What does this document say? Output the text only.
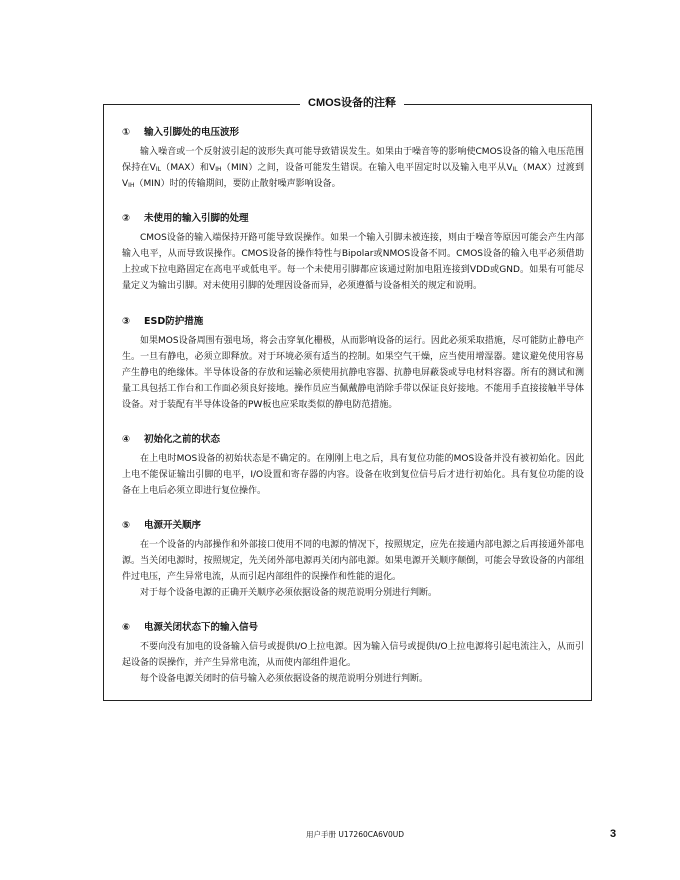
CMOS设备的注释
① 输入引脚处的电压波形

输入噪音或一个反射波引起的波形失真可能导致错误发生。如果由于噪音等的影响使CMOS设备的输入电压范围保持在$V_{IL}(MAX)$和$V_{IH}(MIN)$之间，设备可能发生错误。在输入电平固定时以及输入电平从$V_{IL}(MAX)$过渡到$V_{IH}(MIN)$时的传输期间，要防止散射噪声影响设备。

② 未使用的输入引脚的处理

CMOS设备的输入端保持开路可能导致误操作。如果一个输入引脚未被连接，则由于噪音等原因可能会产生内部输入电平，从而导致误操作。CMOS设备的操作特性与Bipolar或NMOS设备不同。CMOS设备的输入电平必须借助上拉或下拉电路固定在高电平或低电平。每一个未使用引脚都应该通过附加电阻连接到VDD或GND。如果有可能尽量定义为输出引脚。对未使用引脚的处理因设备而异，必须遵循与设备相关的规定和说明。

③ ESD防护措施

如果MOS设备周围有强电场，将会击穿氧化栅极，从而影响设备的运行。因此必须采取措施，尽可能防止静电产生。一旦有静电，必须立即释放。对于环境必须有适当的控制。如果空气干燥，应当使用增湿器。建议避免使用容易产生静电的绝缘体。半导体设备的存放和运输必须使用抗静电容器、抗静电屏蔽袋或导电材料容器。所有的测试和测量工具包括工作台和工作面必须良好接地。操作员应当佩戴静电消除手带以保证良好接地。不能用手直接接触半导体设备。对于装配有半导体设备的PW板也应采取类似的静电防范措施。

④ 初始化之前的状态

在上电时MOS设备的初始状态是不确定的。在刚刚上电之后，具有复位功能的MOS设备并没有被初始化。因此上电不能保证输出引脚的电平，I/O设置和寄存器的内容。设备在收到复位信号后才进行初始化。具有复位功能的设备在上电后必须立即进行复位操作。

⑤ 电源开关顺序

在一个设备的内部操作和外部接口使用不同的电源的情况下，按照规定，应先在接通内部电源之后再接通外部电源。当关闭电源时，按照规定，先关闭外部电源再关闭内部电源。如果电源开关顺序颠倒，可能会导致设备的内部组件过电压，产生异常电流，从而引起内部组件的误操作和性能的退化。

对于每个设备电源的正确开关顺序必须依据设备的规范说明分别进行判断。

⑥ 电源关闭状态下的输入信号

不要向没有加电的设备输入信号或提供I/O上拉电源。因为输入信号或提供I/O上拉电源将引起电流注入，从而引起设备的误操作，并产生异常电流，从而使内部组件退化。

每个设备电源关闭时的信号输入必须依据设备的规范说明分别进行判断。

用户手册 U17260CA6V0UD	3
